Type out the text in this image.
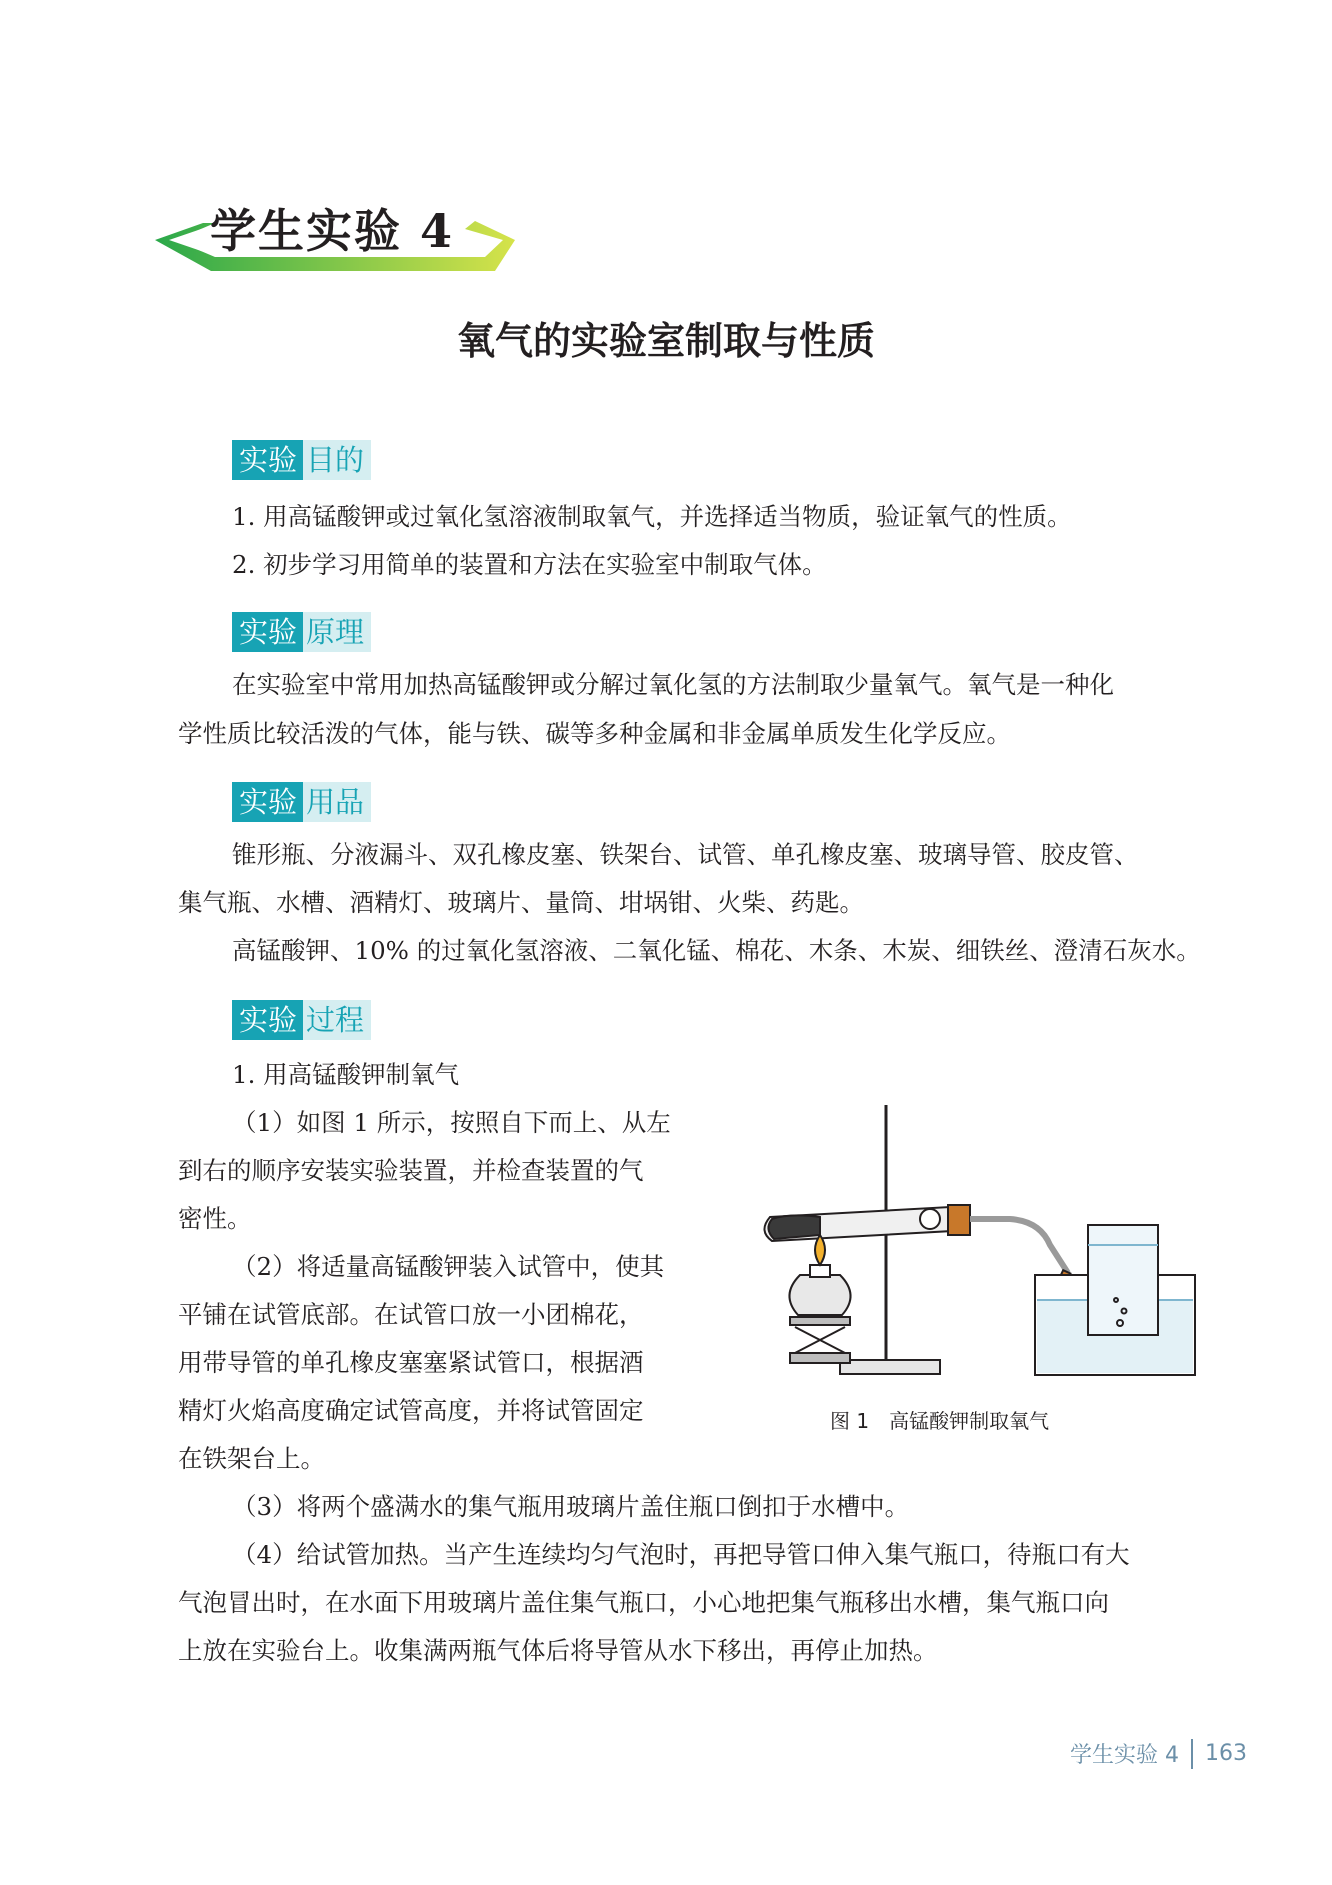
学生实验 4
氧气的实验室制取与性质
实验 目的
1. 用高锰酸钾或过氧化氢溶液制取氧气，并选择适当物质，验证氧气的性质。
2. 初步学习用简单的装置和方法在实验室中制取气体。
实验 原理
在实验室中常用加热高锰酸钾或分解过氧化氢的方法制取少量氧气。氧气是一种化
学性质比较活泼的气体，能与铁、碳等多种金属和非金属单质发生化学反应。
实验 用品
锥形瓶、分液漏斗、双孔橡皮塞、铁架台、试管、单孔橡皮塞、玻璃导管、胶皮管、
集气瓶、水槽、酒精灯、玻璃片、量筒、坩埚钳、火柴、药匙。
高锰酸钾、10% 的过氧化氢溶液、二氧化锰、棉花、木条、木炭、细铁丝、澄清石灰水。
实验 过程
1. 用高锰酸钾制氧气
（1）如图 1 所示，按照自下而上、从左
到右的顺序安装实验装置，并检查装置的气
密性。
（2）将适量高锰酸钾装入试管中，使其
平铺在试管底部。在试管口放一小团棉花，
用带导管的单孔橡皮塞塞紧试管口，根据酒
精灯火焰高度确定试管高度，并将试管固定
在铁架台上。
（3）将两个盛满水的集气瓶用玻璃片盖住瓶口倒扣于水槽中。
（4）给试管加热。当产生连续均匀气泡时，再把导管口伸入集气瓶口，待瓶口有大
气泡冒出时，在水面下用玻璃片盖住集气瓶口，小心地把集气瓶移出水槽，集气瓶口向
上放在实验台上。收集满两瓶气体后将导管从水下移出，再停止加热。
图 1　高锰酸钾制取氧气
学生实验 4 163
